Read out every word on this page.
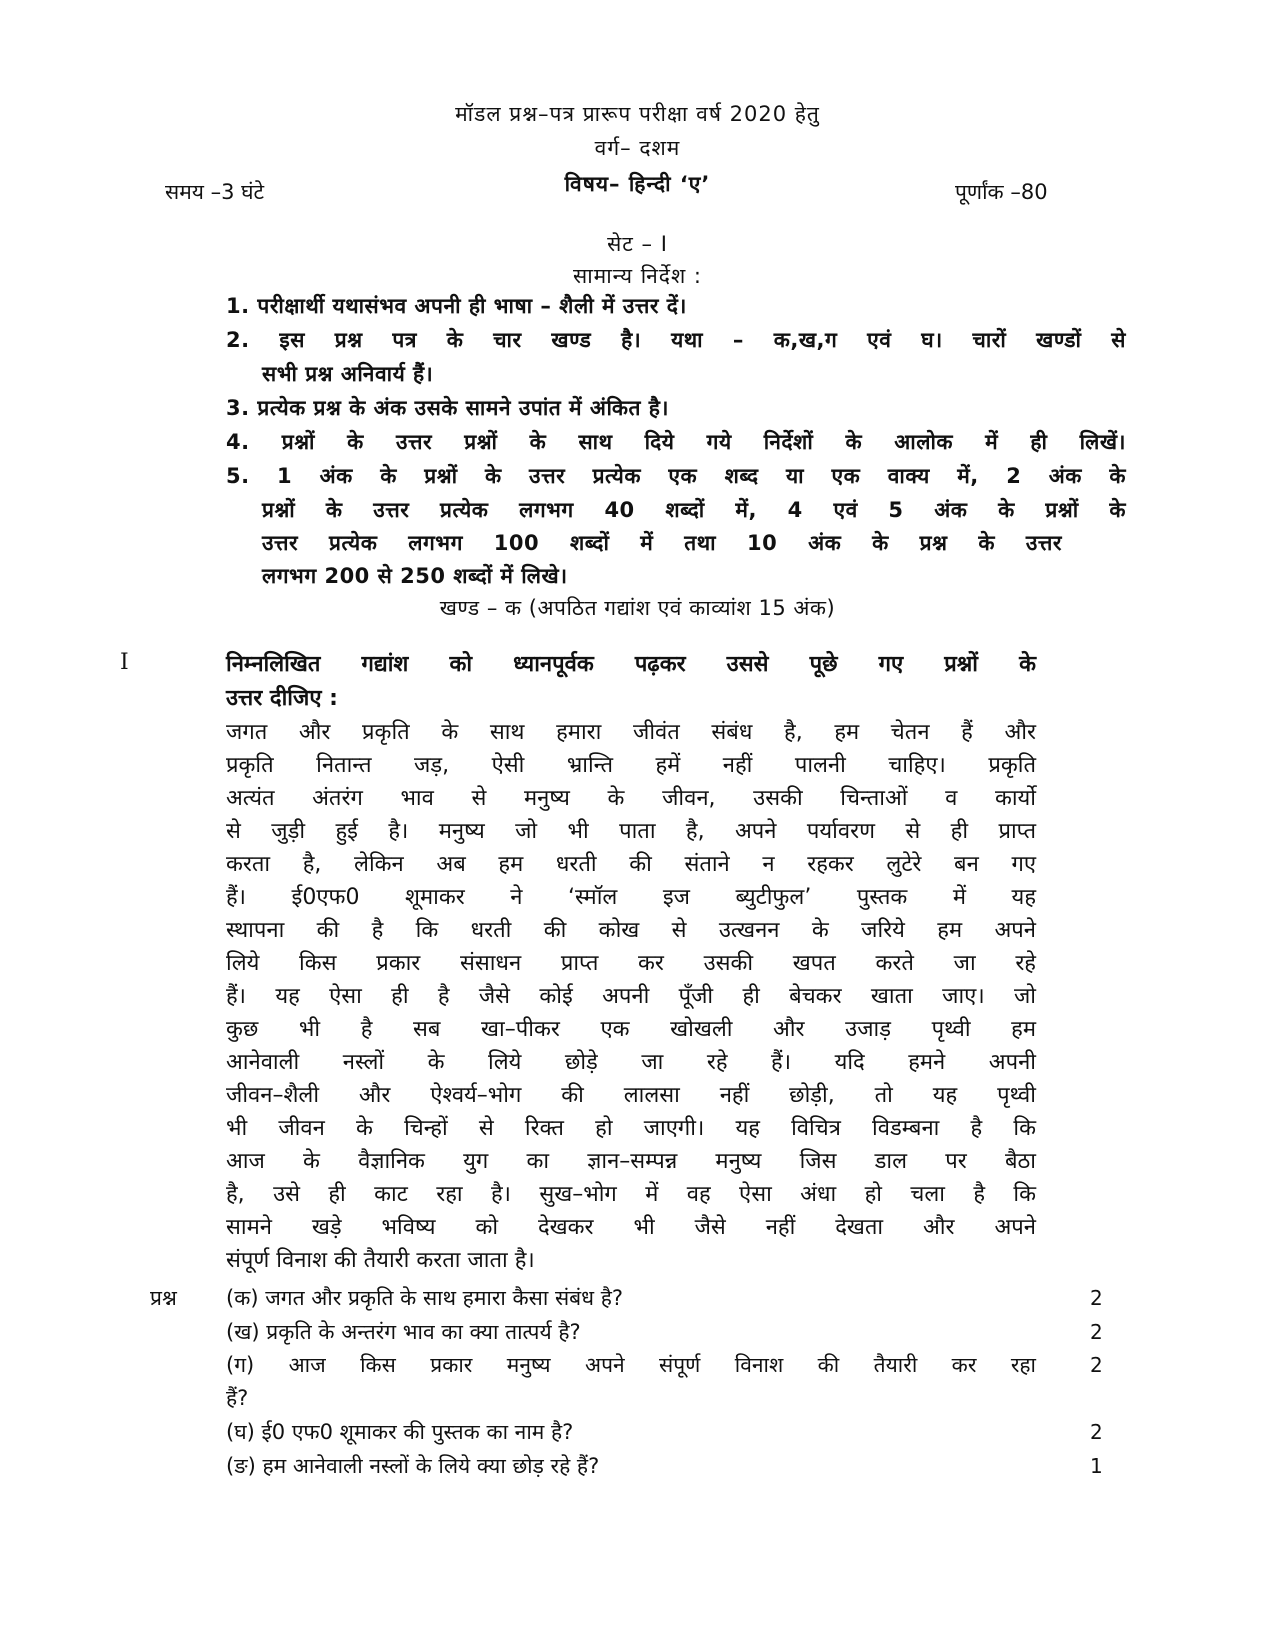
मॉडल प्रश्न–पत्र प्रारूप परीक्षा वर्ष 2020 हेतु
वर्ग– दशम
विषय– हिन्दी ‘ए’
समय –3 घंटे	पूर्णांक –80
सेट – I
सामान्य निर्देश :
1. परीक्षार्थी यथासंभव अपनी ही भाषा – शैली में उत्तर दें।
2. इस प्रश्न पत्र के चार खण्ड है। यथा – क,ख,ग एवं घ। चारों खण्डों से
सभी प्रश्न अनिवार्य हैं।
3. प्रत्येक प्रश्न के अंक उसके सामने उपांत में अंकित है।
4. प्रश्नों के उत्तर प्रश्नों के साथ दिये गये निर्देशों के आलोक में ही लिखें।
5. 1 अंक के प्रश्नों के उत्तर प्रत्येक एक शब्द या एक वाक्य में, 2 अंक के
प्रश्नों के उत्तर प्रत्येक लगभग 40 शब्दों में, 4 एवं 5 अंक के प्रश्नों के
उत्तर प्रत्येक लगभग 100 शब्दों में तथा 10 अंक के प्रश्न के उत्तर
लगभग 200 से 250 शब्दों में लिखे।
खण्ड – क (अपठित गद्यांश एवं काव्यांश 15 अंक)
I	निम्नलिखित गद्यांश को ध्यानपूर्वक पढ़कर उससे पूछे गए प्रश्नों के
उत्तर दीजिए :
जगत और प्रकृति के साथ हमारा जीवंत संबंध है, हम चेतन हैं और
प्रकृति नितान्त जड़, ऐसी भ्रान्ति हमें नहीं पालनी चाहिए। प्रकृति
अत्यंत अंतरंग भाव से मनुष्य के जीवन, उसकी चिन्ताओं व कार्यो
से जुड़ी हुई है। मनुष्य जो भी पाता है, अपने पर्यावरण से ही प्राप्त
करता है, लेकिन अब हम धरती की संताने न रहकर लुटेरे बन गए
हैं। ई0एफ0 शूमाकर ने ‘स्मॉल इज ब्युटीफुल’ पुस्तक में यह
स्थापना की है कि धरती की कोख से उत्खनन के जरिये हम अपने
लिये किस प्रकार संसाधन प्राप्त कर उसकी खपत करते जा रहे
हैं। यह ऐसा ही है जैसे कोई अपनी पूँजी ही बेचकर खाता जाए। जो
कुछ भी है सब खा–पीकर एक खोखली और उजाड़ पृथ्वी हम
आनेवाली नस्लों के लिये छोड़े जा रहे हैं। यदि हमने अपनी
जीवन–शैली और ऐश्वर्य–भोग की लालसा नहीं छोड़ी, तो यह पृथ्वी
भी जीवन के चिन्हों से रिक्त हो जाएगी। यह विचित्र विडम्बना है कि
आज के वैज्ञानिक युग का ज्ञान–सम्पन्न मनुष्य जिस डाल पर बैठा
है, उसे ही काट रहा है। सुख–भोग में वह ऐसा अंधा हो चला है कि
सामने खड़े भविष्य को देखकर भी जैसे नहीं देखता और अपने
संपूर्ण विनाश की तैयारी करता जाता है।
प्रश्न (क) जगत और प्रकृति के साथ हमारा कैसा संबंध है?	2
(ख) प्रकृति के अन्तरंग भाव का क्या तात्पर्य है?	2
(ग) आज किस प्रकार मनुष्य अपने संपूर्ण विनाश की तैयारी कर रहा	2
हैं?
(घ) ई0 एफ0 शूमाकर की पुस्तक का नाम है?	2
(ङ) हम आनेवाली नस्लों के लिये क्या छोड़ रहे हैं?	1
